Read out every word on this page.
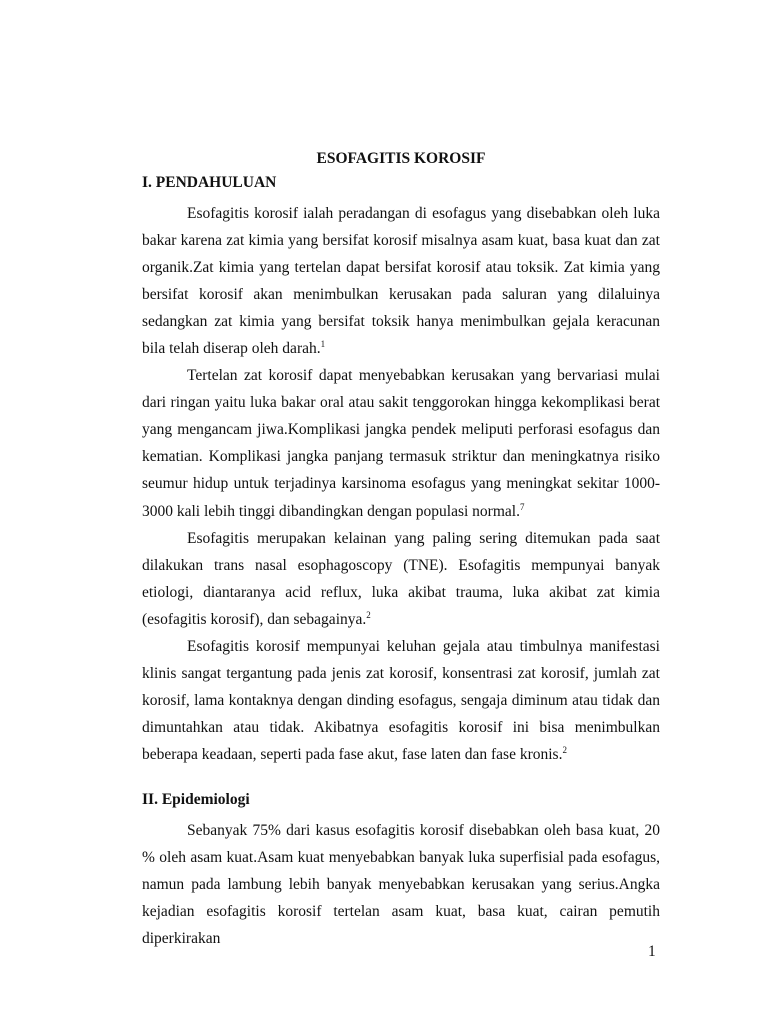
ESOFAGITIS KOROSIF
I. PENDAHULUAN

Esofagitis korosif ialah peradangan di esofagus yang disebabkan oleh luka bakar karena zat kimia yang bersifat korosif misalnya asam kuat, basa kuat dan zat organik.Zat kimia yang tertelan dapat bersifat korosif atau toksik. Zat kimia yang bersifat korosif akan menimbulkan kerusakan pada saluran yang dilaluinya sedangkan zat kimia yang bersifat toksik hanya menimbulkan gejala keracunan bila telah diserap oleh darah.$^1$

Tertelan zat korosif dapat menyebabkan kerusakan yang bervariasi mulai dari ringan yaitu luka bakar oral atau sakit tenggorokan hingga kekomplikasi berat yang mengancam jiwa.Komplikasi jangka pendek meliputi perforasi esofagus dan kematian. Komplikasi jangka panjang termasuk striktur dan meningkatnya risiko seumur hidup untuk terjadinya karsinoma esofagus yang meningkat sekitar 1000-3000 kali lebih tinggi dibandingkan dengan populasi normal.$^7$

Esofagitis merupakan kelainan yang paling sering ditemukan pada saat dilakukan trans nasal esophagoscopy (TNE). Esofagitis mempunyai banyak etiologi, diantaranya acid reflux, luka akibat trauma, luka akibat zat kimia (esofagitis korosif), dan sebagainya.$^2$

Esofagitis korosif mempunyai keluhan gejala atau timbulnya manifestasi klinis sangat tergantung pada jenis zat korosif, konsentrasi zat korosif, jumlah zat korosif, lama kontaknya dengan dinding esofagus, sengaja diminum atau tidak dan dimuntahkan atau tidak. Akibatnya esofagitis korosif ini bisa menimbulkan beberapa keadaan, seperti pada fase akut, fase laten dan fase kronis.$^2$

II. Epidemiologi

Sebanyak 75% dari kasus esofagitis korosif disebabkan oleh basa kuat, 20 % oleh asam kuat.Asam kuat menyebabkan banyak luka superfisial pada esofagus, namun pada lambung lebih banyak menyebabkan kerusakan yang serius.Angka kejadian esofagitis korosif tertelan asam kuat, basa kuat, cairan pemutih diperkirakan

1
